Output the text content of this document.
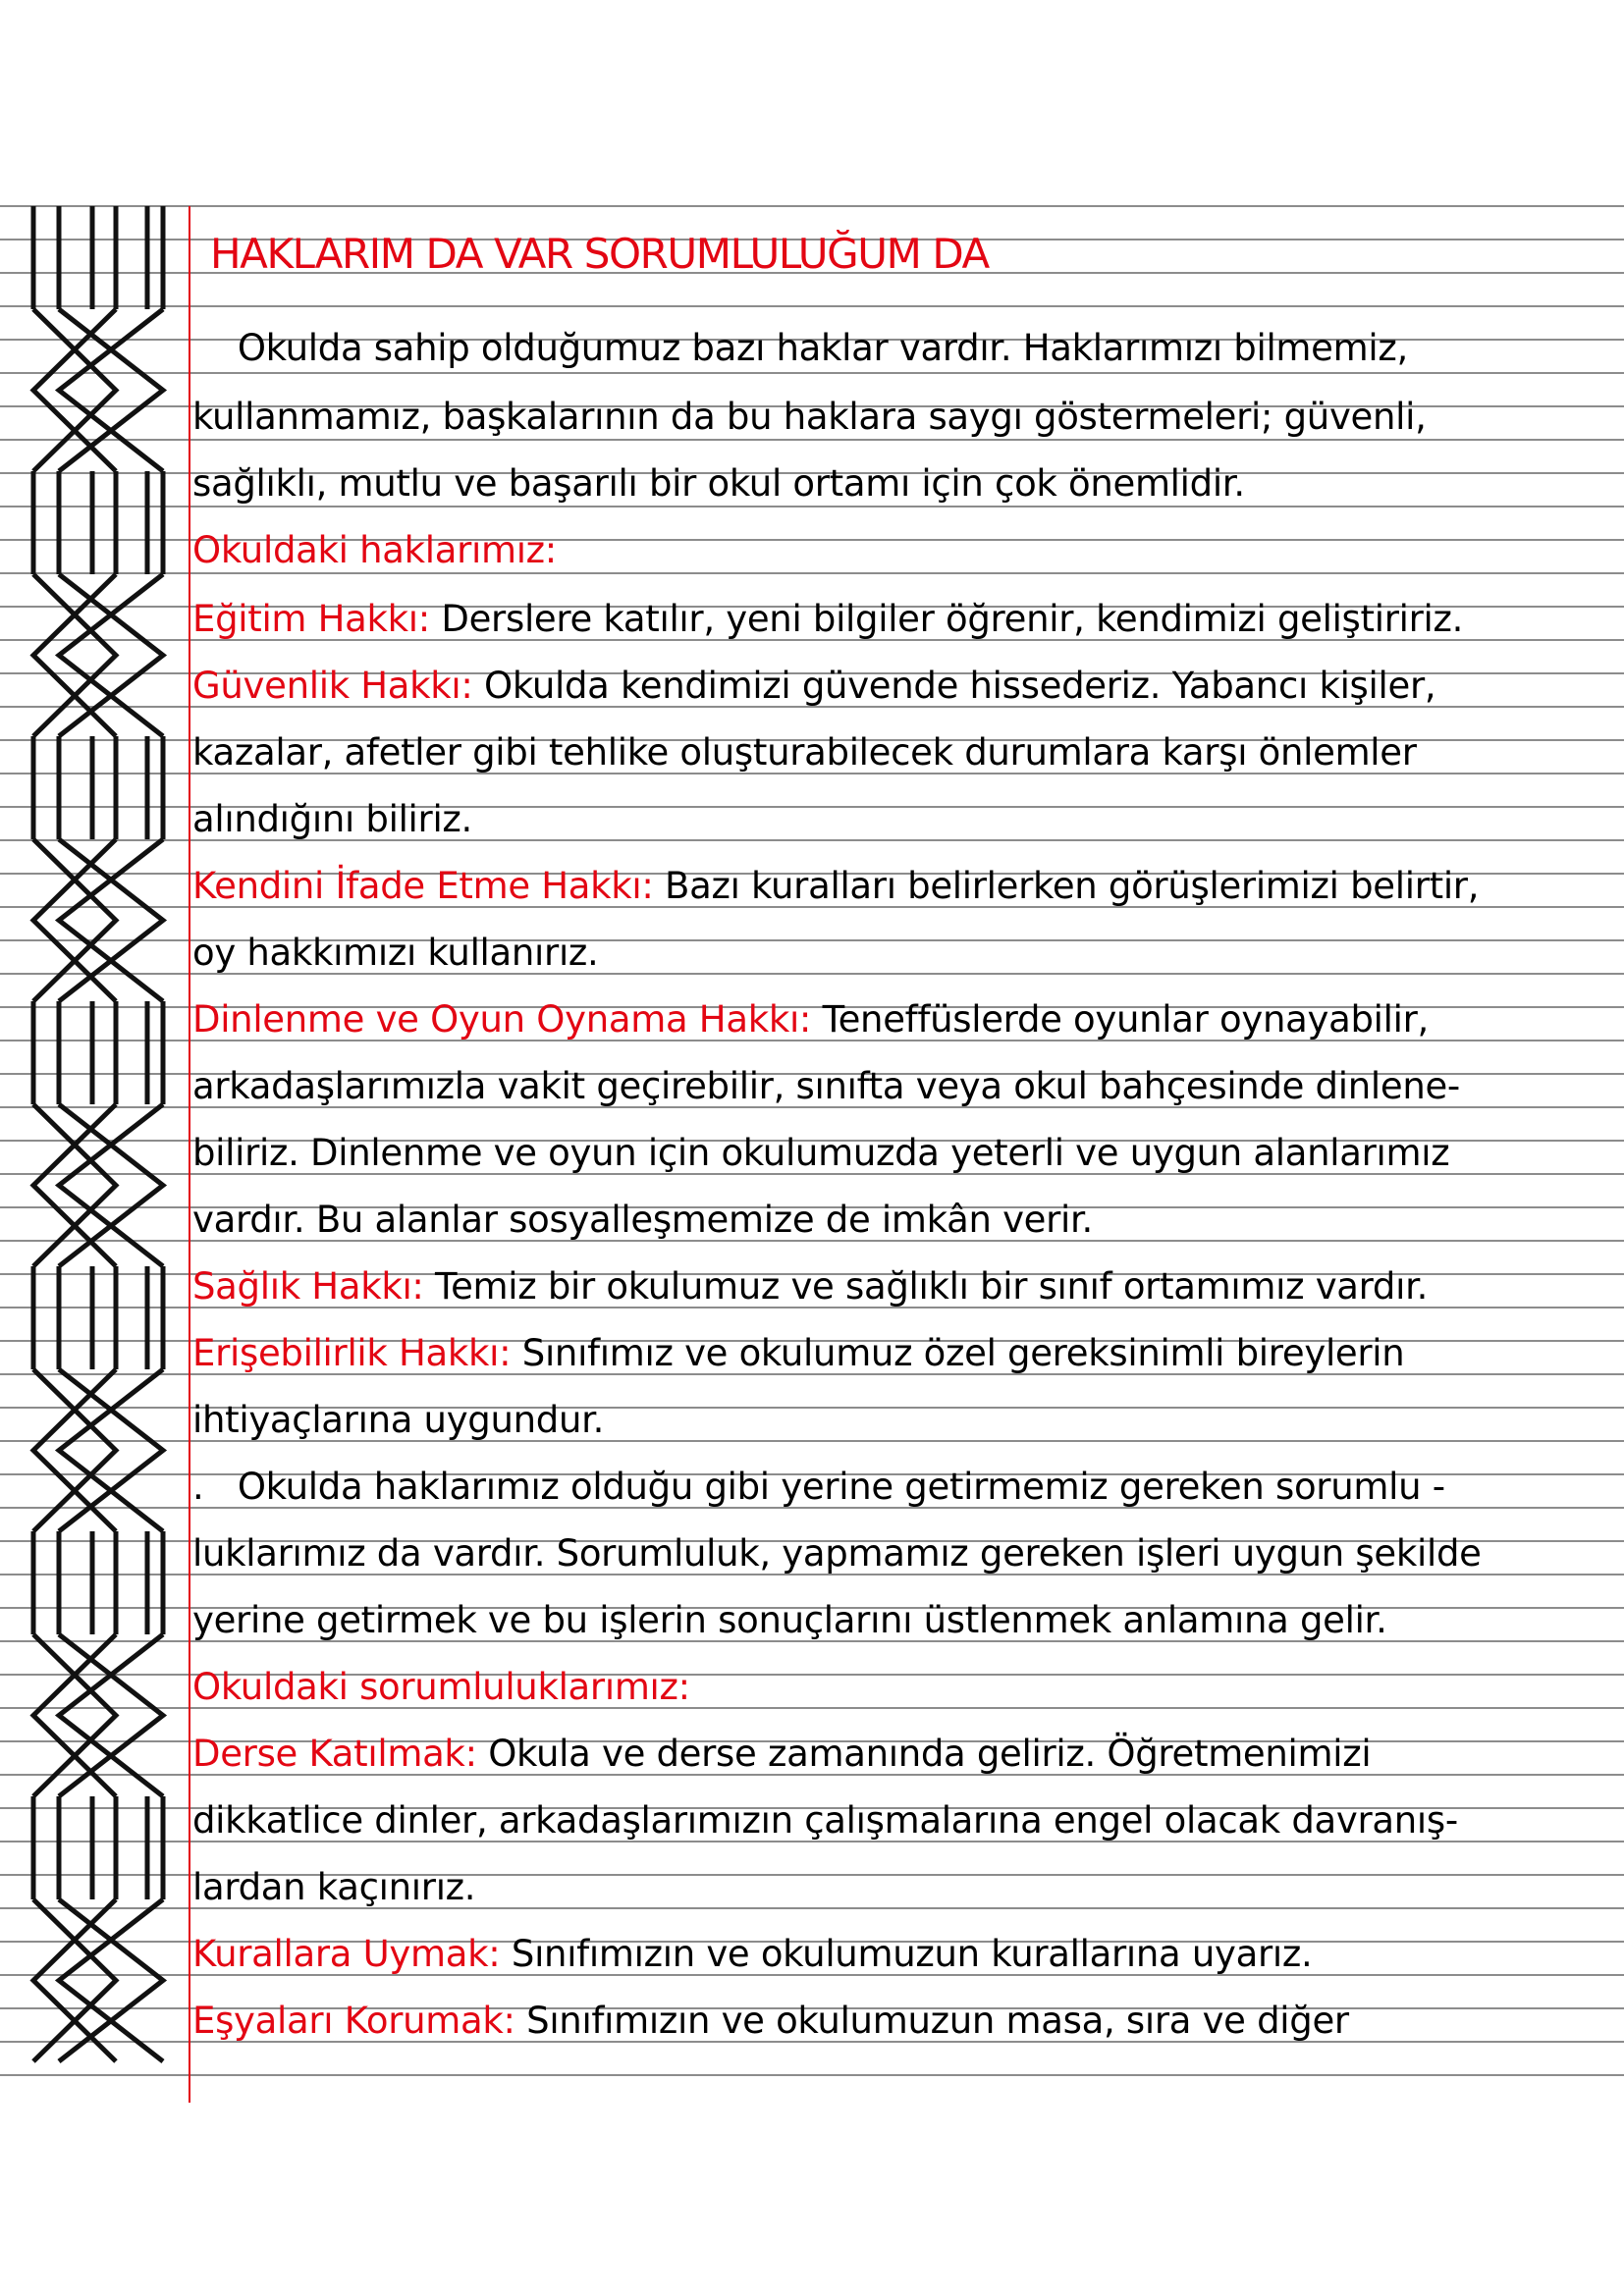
HAKLARIM DA VAR SORUMLULUĞUM DA
Okulda sahip olduğumuz bazı haklar vardır. Haklarımızı bilmemiz,
kullanmamız, başkalarının da bu haklara saygı göstermeleri; güvenli,
sağlıklı, mutlu ve başarılı bir okul ortamı için çok önemlidir.
Okuldaki haklarımız:
Eğitim Hakkı: Derslere katılır, yeni bilgiler öğrenir, kendimizi geliştiririz.
Güvenlik Hakkı: Okulda kendimizi güvende hissederiz. Yabancı kişiler,
kazalar, afetler gibi tehlike oluşturabilecek durumlara karşı önlemler
alındığını biliriz.
Kendini İfade Etme Hakkı: Bazı kuralları belirlerken görüşlerimizi belirtir,
oy hakkımızı kullanırız.
Dinlenme ve Oyun Oynama Hakkı: Teneffüslerde oyunlar oynayabilir,
arkadaşlarımızla vakit geçirebilir, sınıfta veya okul bahçesinde dinlene-
biliriz. Dinlenme ve oyun için okulumuzda yeterli ve uygun alanlarımız
vardır. Bu alanlar sosyalleşmemize de imkân verir.
Sağlık Hakkı: Temiz bir okulumuz ve sağlıklı bir sınıf ortamımız vardır.
Erişebilirlik Hakkı: Sınıfımız ve okulumuz özel gereksinimli bireylerin
ihtiyaçlarına uygundur.
.   Okulda haklarımız olduğu gibi yerine getirmemiz gereken sorumlu -
luklarımız da vardır. Sorumluluk, yapmamız gereken işleri uygun şekilde
yerine getirmek ve bu işlerin sonuçlarını üstlenmek anlamına gelir.
Okuldaki sorumluluklarımız:
Derse Katılmak: Okula ve derse zamanında geliriz. Öğretmenimizi
dikkatlice dinler, arkadaşlarımızın çalışmalarına engel olacak davranış-
lardan kaçınırız.
Kurallara Uymak: Sınıfımızın ve okulumuzun kurallarına uyarız.
Eşyaları Korumak: Sınıfımızın ve okulumuzun masa, sıra ve diğer
